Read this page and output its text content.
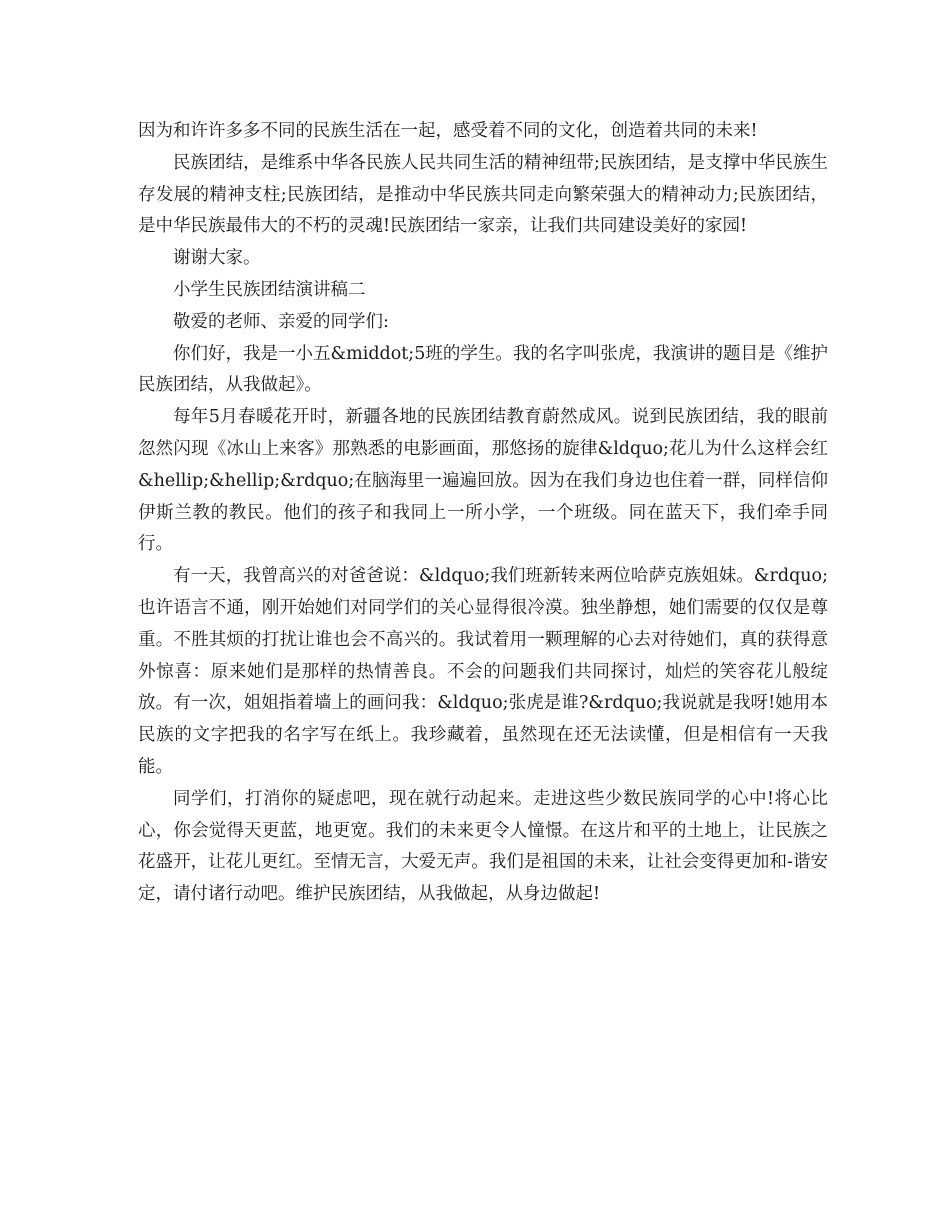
因为和许许多多不同的民族生活在一起，感受着不同的文化，创造着共同的未来!

民族团结，是维系中华各民族人民共同生活的精神纽带;民族团结，是支撑中华民族生存发展的精神支柱;民族团结，是推动中华民族共同走向繁荣强大的精神动力;民族团结，是中华民族最伟大的不朽的灵魂!民族团结一家亲，让我们共同建设美好的家园!

谢谢大家。

小学生民族团结演讲稿二

敬爱的老师、亲爱的同学们:

你们好，我是一小五&middot;5班的学生。我的名字叫张虎，我演讲的题目是《维护民族团结，从我做起》。

每年5月春暖花开时，新疆各地的民族团结教育蔚然成风。说到民族团结，我的眼前忽然闪现《冰山上来客》那熟悉的电影画面，那悠扬的旋律&ldquo;花儿为什么这样会红&hellip;&hellip;&rdquo;在脑海里一遍遍回放。因为在我们身边也住着一群，同样信仰伊斯兰教的教民。他们的孩子和我同上一所小学，一个班级。同在蓝天下，我们牵手同行。

有一天，我曾高兴的对爸爸说：&ldquo;我们班新转来两位哈萨克族姐妹。&rdquo;也许语言不通，刚开始她们对同学们的关心显得很冷漠。独坐静想，她们需要的仅仅是尊重。不胜其烦的打扰让谁也会不高兴的。我试着用一颗理解的心去对待她们，真的获得意外惊喜：原来她们是那样的热情善良。不会的问题我们共同探讨，灿烂的笑容花儿般绽放。有一次，姐姐指着墙上的画问我：&ldquo;张虎是谁?&rdquo;我说就是我呀!她用本民族的文字把我的名字写在纸上。我珍藏着，虽然现在还无法读懂，但是相信有一天我能。

同学们，打消你的疑虑吧，现在就行动起来。走进这些少数民族同学的心中!将心比心，你会觉得天更蓝，地更宽。我们的未来更令人憧憬。在这片和平的土地上，让民族之花盛开，让花儿更红。至情无言，大爱无声。我们是祖国的未来，让社会变得更加和-谐安定，请付诸行动吧。维护民族团结，从我做起，从身边做起!
